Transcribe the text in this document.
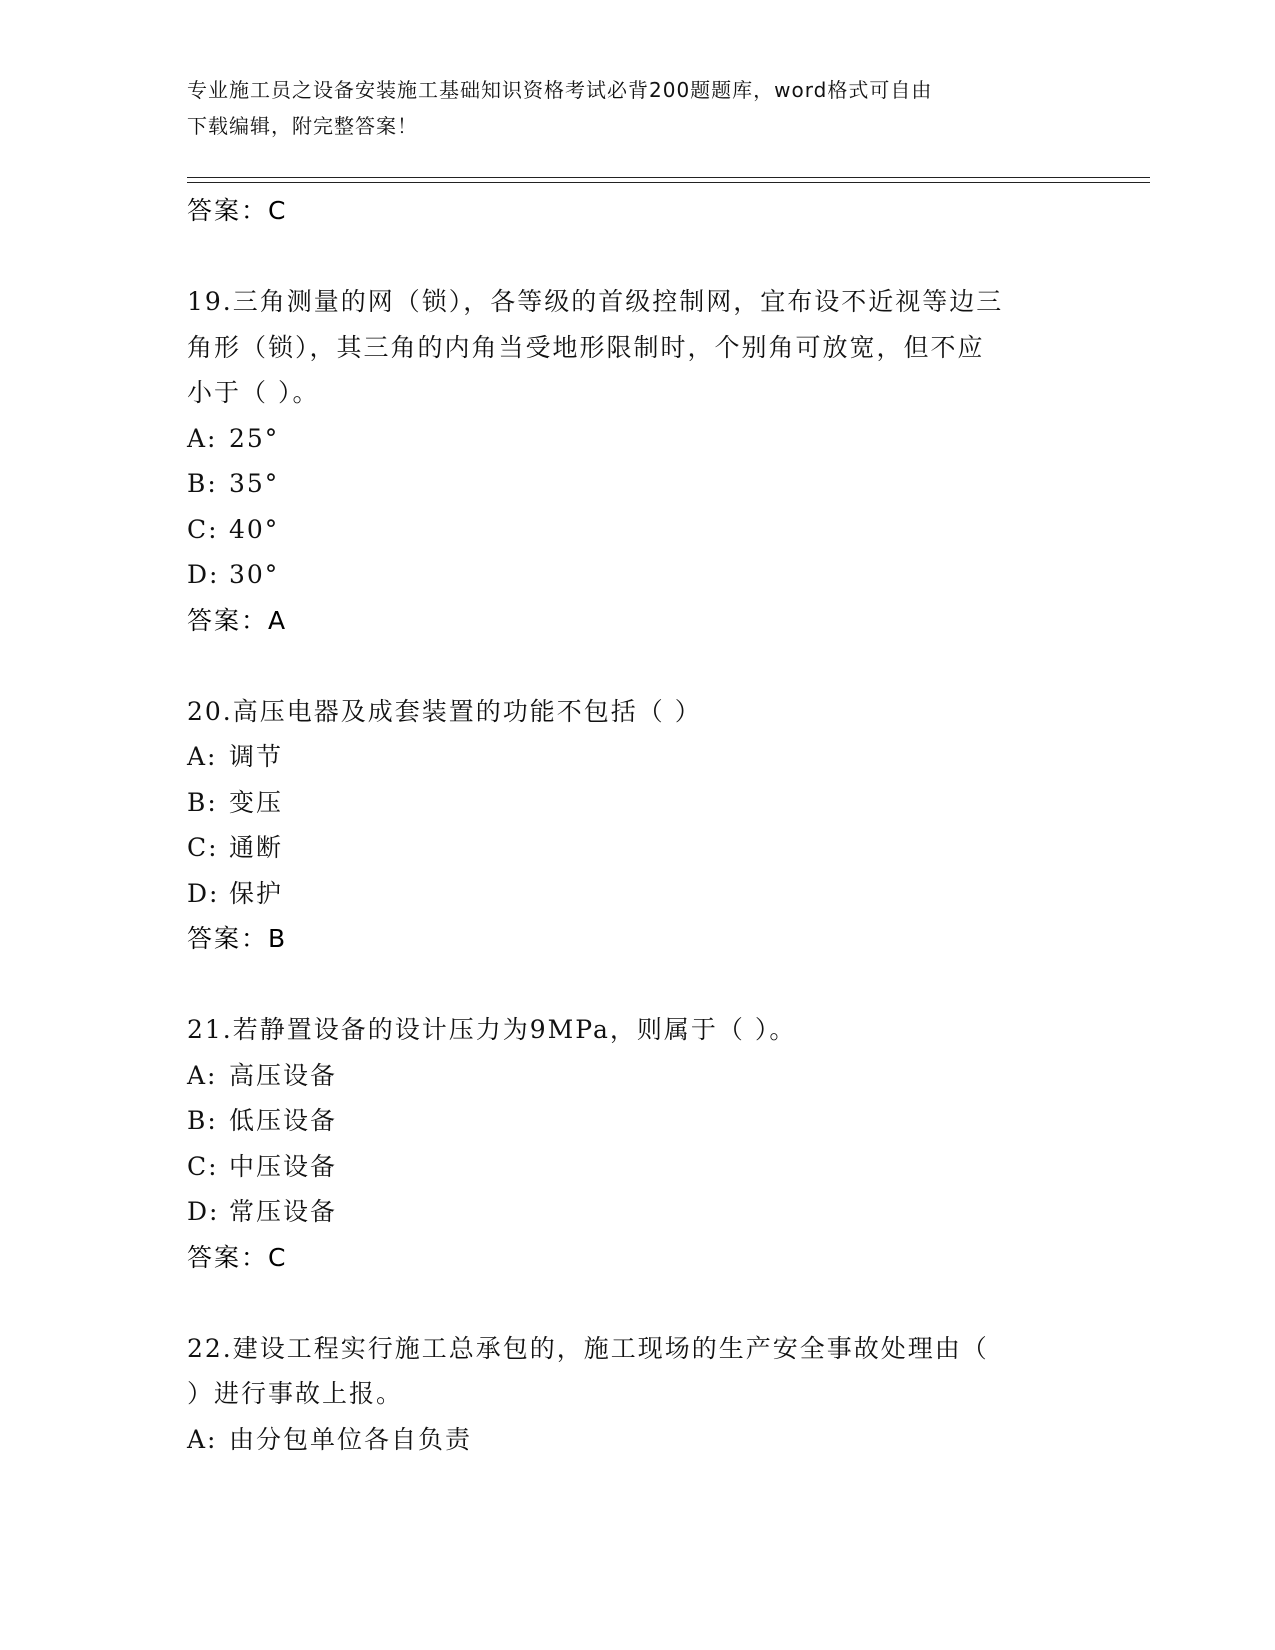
专业施工员之设备安装施工基础知识资格考试必背200题题库，word格式可自由
下载编辑，附完整答案！
答案：C
19.三角测量的网（锁），各等级的首级控制网，宜布设不近视等边三
角形（锁），其三角的内角当受地形限制时，个别角可放宽，但不应
小于（ ）。
A: 25°
B: 35°
C: 40°
D: 30°
答案：A
20.高压电器及成套装置的功能不包括（ ）
A: 调节
B: 变压
C: 通断
D: 保护
答案：B
21.若静置设备的设计压力为9MPa，则属于（ ）。
A: 高压设备
B: 低压设备
C: 中压设备
D: 常压设备
答案：C
22.建设工程实行施工总承包的，施工现场的生产安全事故处理由（
）进行事故上报。
A: 由分包单位各自负责
